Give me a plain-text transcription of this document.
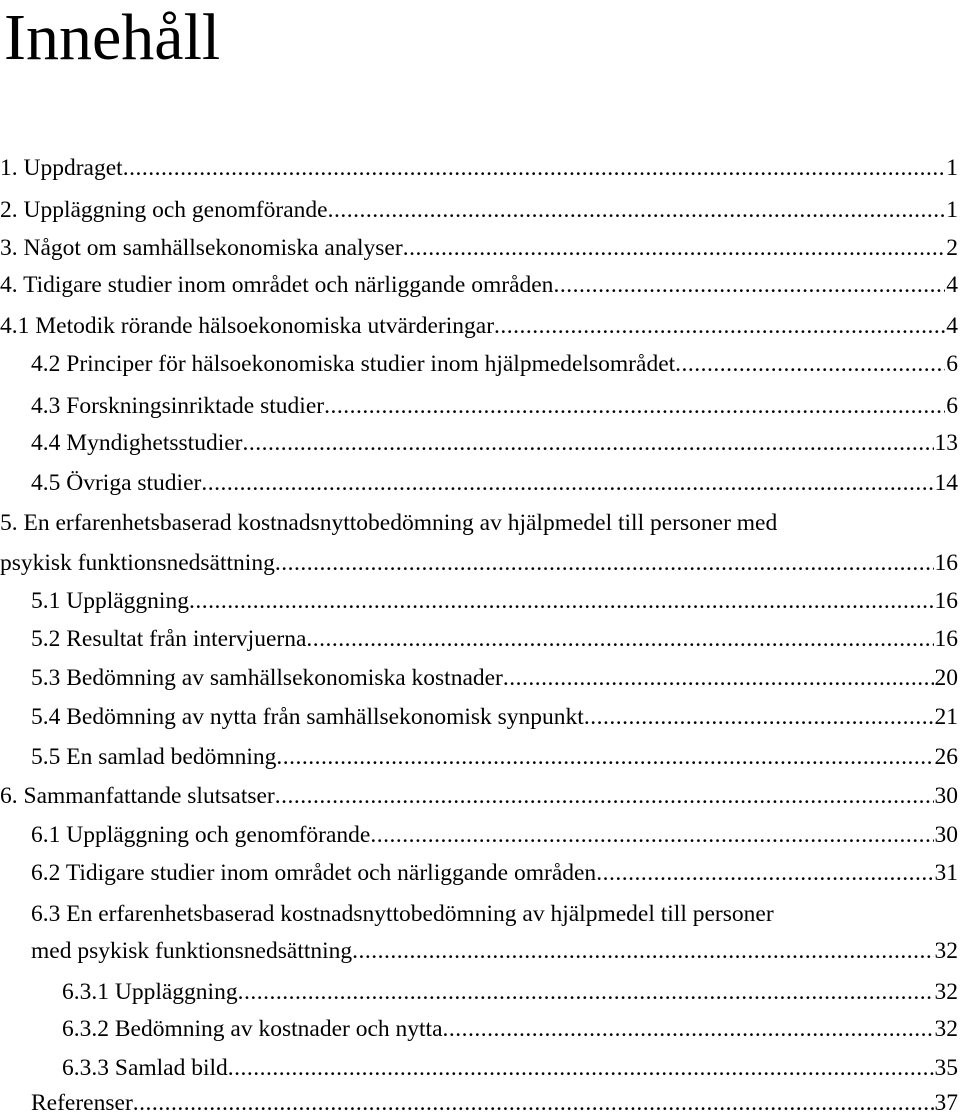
Innehåll
1. Uppdraget .....	1
2. Uppläggning och genomförande .....	1
3. Något om samhällsekonomiska analyser .....	2
4. Tidigare studier inom området och närliggande områden .....	4
4.1 Metodik rörande hälsoekonomiska utvärderingar .....	4
4.2 Principer för hälsoekonomiska studier inom hjälpmedelsområdet .....	6
4.3 Forskningsinriktade studier .....	6
4.4 Myndighetsstudier .....	13
4.5 Övriga studier .....	14
5. En erfarenhetsbaserad kostnadsnyttobedömning av hjälpmedel till personer med
psykisk funktionsnedsättning .....	16
5.1 Uppläggning .....	16
5.2 Resultat från intervjuerna .....	16
5.3 Bedömning av samhällsekonomiska kostnader .....	20
5.4 Bedömning av nytta från samhällsekonomisk synpunkt .....	21
5.5 En samlad bedömning .....	26
6. Sammanfattande slutsatser .....	30
6.1 Uppläggning och genomförande .....	30
6.2 Tidigare studier inom området och närliggande områden .....	31
6.3 En erfarenhetsbaserad kostnadsnyttobedömning av hjälpmedel till personer
med psykisk funktionsnedsättning .....	32
6.3.1 Uppläggning .....	32
6.3.2 Bedömning av kostnader och nytta .....	32
6.3.3 Samlad bild .....	35
Referenser .....	37
